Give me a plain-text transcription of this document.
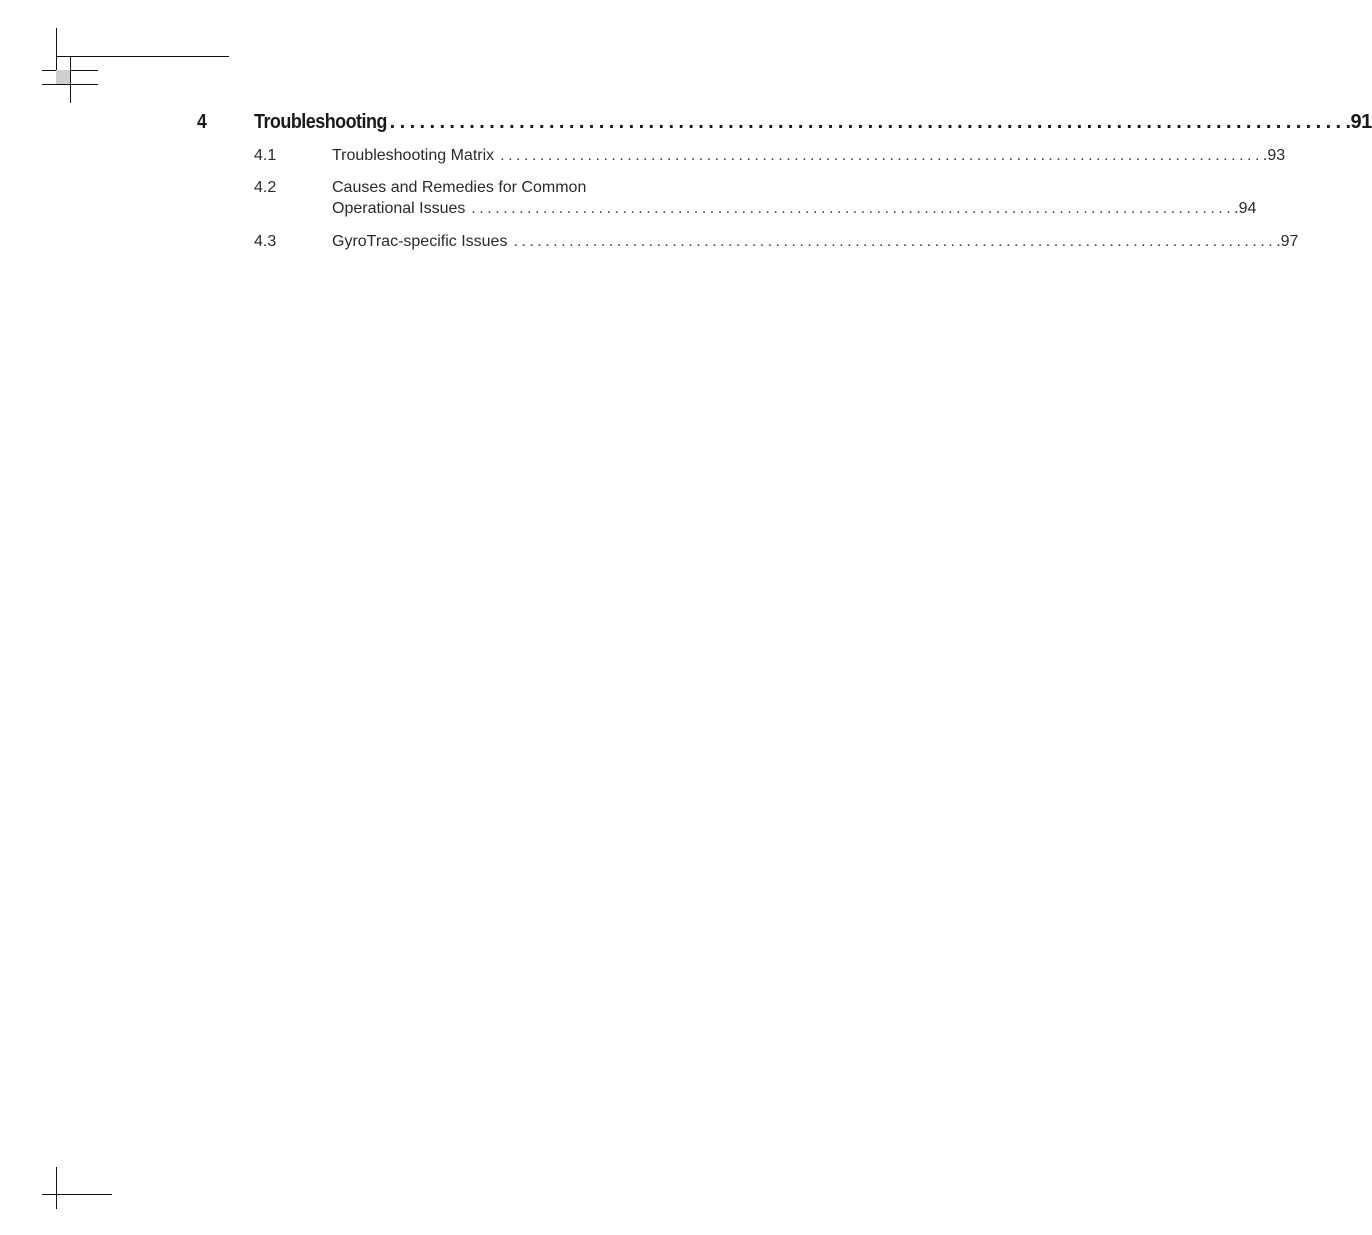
4 Troubleshooting ................................................................................................ .91
4.1	Troubleshooting Matrix ................................................................................................ .93
4.2	Causes and Remedies for Common
Operational Issues ................................................................................................ .94
4.3	GyroTrac-specific Issues ................................................................................................ .97
